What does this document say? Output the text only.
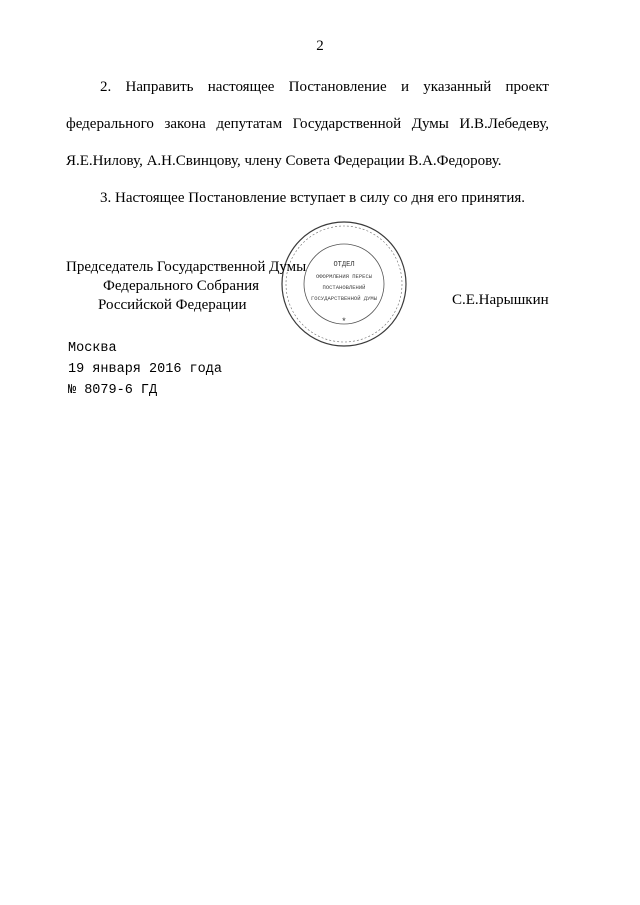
2
2. Направить настоящее Постановление и указанный проект
федерального закона депутатам Государственной Думы И.В.Лебедеву,
Я.Е.Нилову, А.Н.Свинцову, члену Совета Федерации В.А.Федорову.
3. Настоящее Постановление вступает в силу со дня его принятия.
ОТДЕЛ
ОФОРМЛЕНИЯ ПЕРЕСЫ
ПОСТАНОВЛЕНИЙ
ГОСУДАРСТВЕННОЙ ДУМЫ
*
Председатель Государственной Думы
Федерального Собрания
Российской Федерации	С.Е.Нарышкин
Москва
19 января 2016 года
№ 8079-6 ГД
